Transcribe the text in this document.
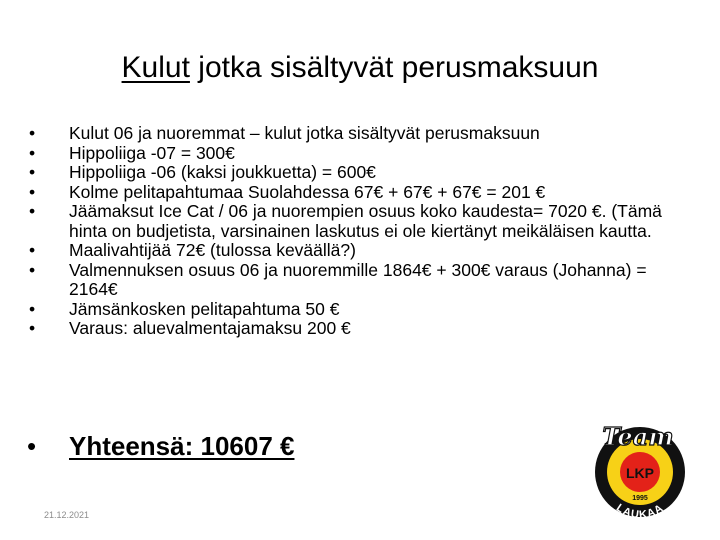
Kulut jotka sisältyvät perusmaksuun
• Kulut 06 ja nuoremmat – kulut jotka sisältyvät perusmaksuun
• Hippoliiga -07 = 300€
• Hippoliiga -06 (kaksi joukkuetta) = 600€
• Kolme pelitapahtumaa Suolahdessa 67€ + 67€ + 67€ = 201 €
• Jäämaksut Ice Cat / 06 ja nuorempien osuus koko kaudesta= 7020 €. (Tämä hinta on budjetista, varsinainen laskutus ei ole kiertänyt meikäläisen kautta.
• Maalivahtijää 72€ (tulossa keväällä?)
• Valmennuksen osuus 06 ja nuoremmille 1864€ + 300€ varaus (Johanna) = 2164€
• Jämsänkosken pelitapahtuma 50 €
• Varaus: aluevalmentajamaksu 200 €
• Yhteensä: 10607 €
21.12.2021
LKP
1995
LAUKAA
Team
